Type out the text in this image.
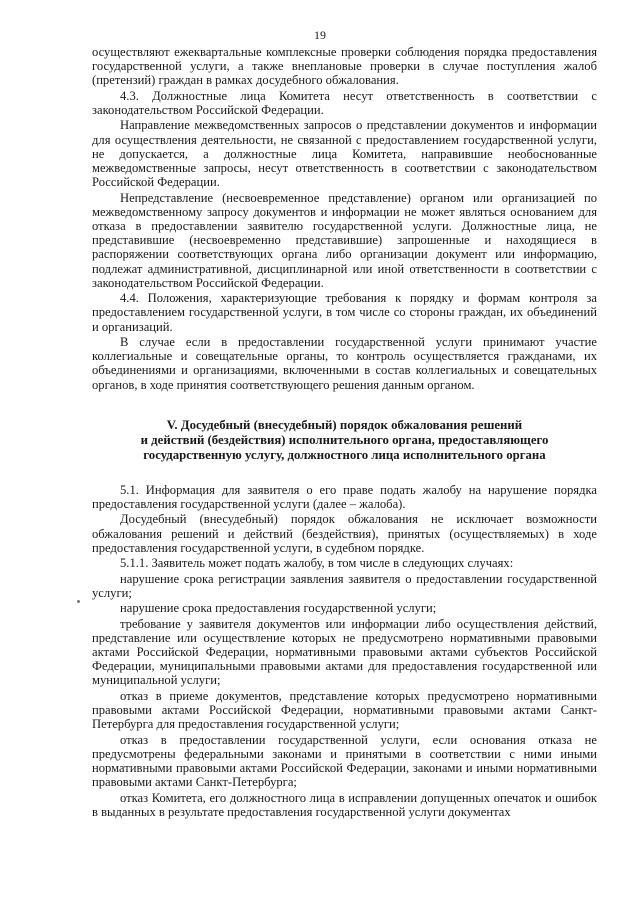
19

осуществляют ежеквартальные комплексные проверки соблюдения порядка предоставления государственной услуги, а также внеплановые проверки в случае поступления жалоб (претензий) граждан в рамках досудебного обжалования.

4.3. Должностные лица Комитета несут ответственность в соответствии с законодательством Российской Федерации.

Направление межведомственных запросов о представлении документов и информации для осуществления деятельности, не связанной с предоставлением государственной услуги, не допускается, а должностные лица Комитета, направившие необоснованные межведомственные запросы, несут ответственность в соответствии с законодательством Российской Федерации.

Непредставление (несвоевременное представление) органом или организацией по межведомственному запросу документов и информации не может являться основанием для отказа в предоставлении заявителю государственной услуги. Должностные лица, не представившие (несвоевременно представившие) запрошенные и находящиеся в распоряжении соответствующих органа либо организации документ или информацию, подлежат административной, дисциплинарной или иной ответственности в соответствии с законодательством Российской Федерации.

4.4. Положения, характеризующие требования к порядку и формам контроля за предоставлением государственной услуги, в том числе со стороны граждан, их объединений и организаций.

В случае если в предоставлении государственной услуги принимают участие коллегиальные и совещательные органы, то контроль осуществляется гражданами, их объединениями и организациями, включенными в состав коллегиальных и совещательных органов, в ходе принятия соответствующего решения данным органом.

V. Досудебный (внесудебный) порядок обжалования решений
и действий (бездействия) исполнительного органа, предоставляющего
государственную услугу, должностного лица исполнительного органа

5.1. Информация для заявителя о его праве подать жалобу на нарушение порядка предоставления государственной услуги (далее – жалоба).

Досудебный (внесудебный) порядок обжалования не исключает возможности обжалования решений и действий (бездействия), принятых (осуществляемых) в ходе предоставления государственной услуги, в судебном порядке.

5.1.1. Заявитель может подать жалобу, в том числе в следующих случаях:

нарушение срока регистрации заявления заявителя о предоставлении государственной услуги;

нарушение срока предоставления государственной услуги;

требование у заявителя документов или информации либо осуществления действий, представление или осуществление которых не предусмотрено нормативными правовыми актами Российской Федерации, нормативными правовыми актами субъектов Российской Федерации, муниципальными правовыми актами для предоставления государственной или муниципальной услуги;

отказ в приеме документов, представление которых предусмотрено нормативными правовыми актами Российской Федерации, нормативными правовыми актами Санкт-Петербурга для предоставления государственной услуги;

отказ в предоставлении государственной услуги, если основания отказа не предусмотрены федеральными законами и принятыми в соответствии с ними иными нормативными правовыми актами Российской Федерации, законами и иными нормативными правовыми актами Санкт-Петербурга;

отказ Комитета, его должностного лица в исправлении допущенных опечаток и ошибок в выданных в результате предоставления государственной услуги документах
